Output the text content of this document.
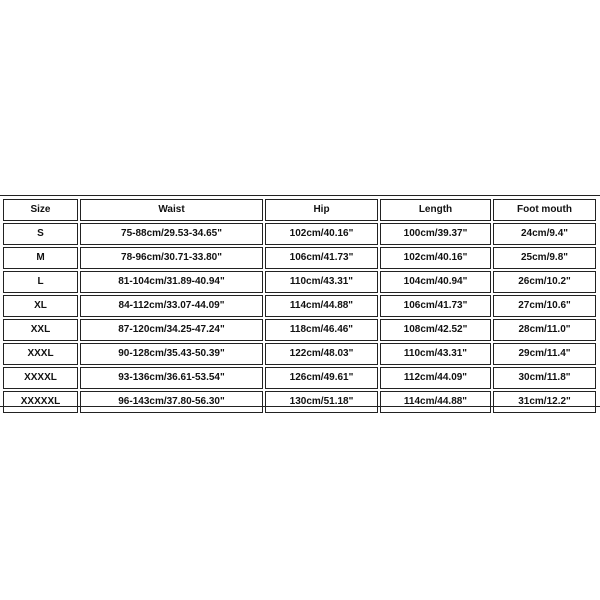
Size	Waist	Hip	Length	Foot mouth
S	75-88cm/29.53-34.65"	102cm/40.16"	100cm/39.37"	24cm/9.4"
M	78-96cm/30.71-33.80"	106cm/41.73"	102cm/40.16"	25cm/9.8"
L	81-104cm/31.89-40.94"	110cm/43.31"	104cm/40.94"	26cm/10.2"
XL	84-112cm/33.07-44.09"	114cm/44.88"	106cm/41.73"	27cm/10.6"
XXL	87-120cm/34.25-47.24"	118cm/46.46"	108cm/42.52"	28cm/11.0"
XXXL	90-128cm/35.43-50.39"	122cm/48.03"	110cm/43.31"	29cm/11.4"
XXXXL	93-136cm/36.61-53.54"	126cm/49.61"	112cm/44.09"	30cm/11.8"
XXXXXL	96-143cm/37.80-56.30"	130cm/51.18"	114cm/44.88"	31cm/12.2"
